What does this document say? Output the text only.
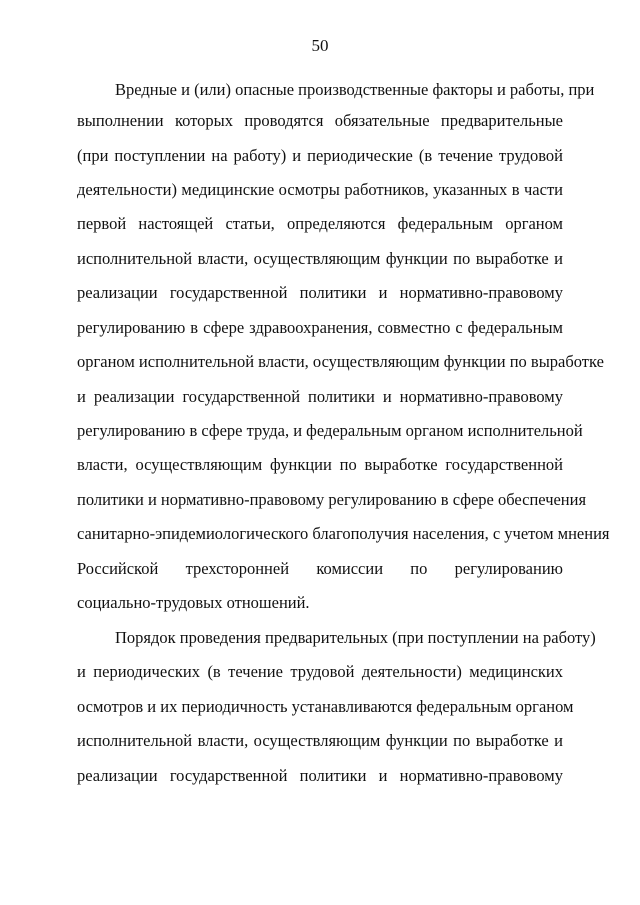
50
Вредные и (или) опасные производственные факторы и работы, при
выполнении которых проводятся обязательные предварительные
(при поступлении на работу) и периодические (в течение трудовой
деятельности) медицинские осмотры работников, указанных в части
первой настоящей статьи, определяются федеральным органом
исполнительной власти, осуществляющим функции по выработке и
реализации государственной политики и нормативно-правовому
регулированию в сфере здравоохранения, совместно с федеральным
органом исполнительной власти, осуществляющим функции по выработке
и реализации государственной политики и нормативно-правовому
регулированию в сфере труда, и федеральным органом исполнительной
власти, осуществляющим функции по выработке государственной
политики и нормативно-правовому регулированию в сфере обеспечения
санитарно-эпидемиологического благополучия населения, с учетом мнения
Российской трехсторонней комиссии по регулированию
социально-трудовых отношений.
Порядок проведения предварительных (при поступлении на работу)
и периодических (в течение трудовой деятельности) медицинских
осмотров и их периодичность устанавливаются федеральным органом
исполнительной власти, осуществляющим функции по выработке и
реализации государственной политики и нормативно-правовому
